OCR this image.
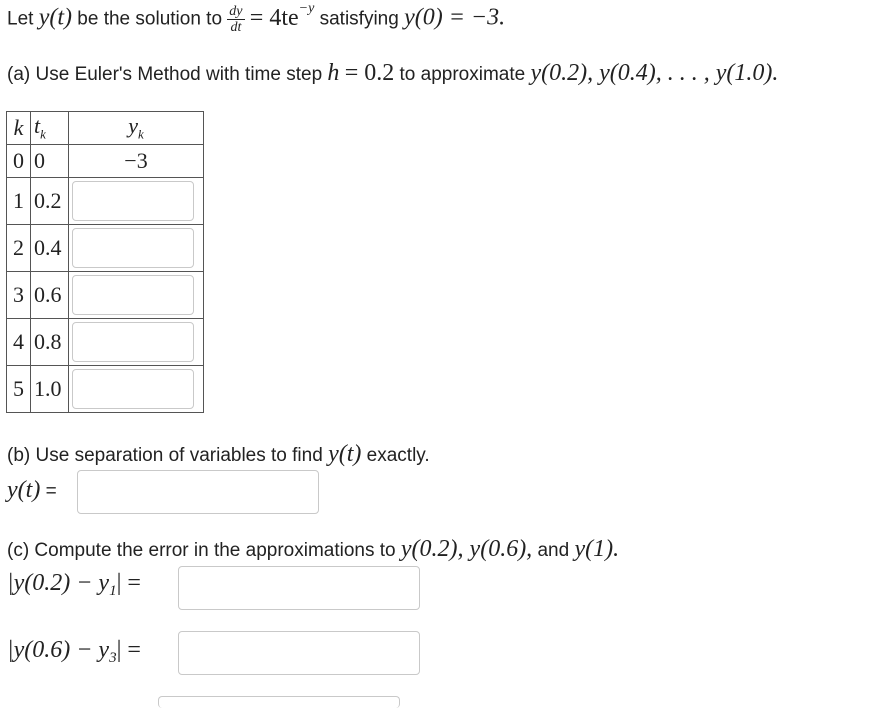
Let y(t) be the solution to $\frac{dy}{dt} = 4te^{-y}$ satisfying y(0) = −3.
(a) Use Euler's Method with time step h = 0.2 to approximate y(0.2), y(0.4), . . . , y(1.0).
k	$t_k$	$y_k$
0	0	−3
1	0.2	

2	0.4	

3	0.6	

4	0.8	

5	1.0	
(b) Use separation of variables to find y(t) exactly.
y(t) =
(c) Compute the error in the approximations to y(0.2), y(0.6), and y(1).
$|y(0.2) - y_1|$ =
$|y(0.6) - y_3|$ =
